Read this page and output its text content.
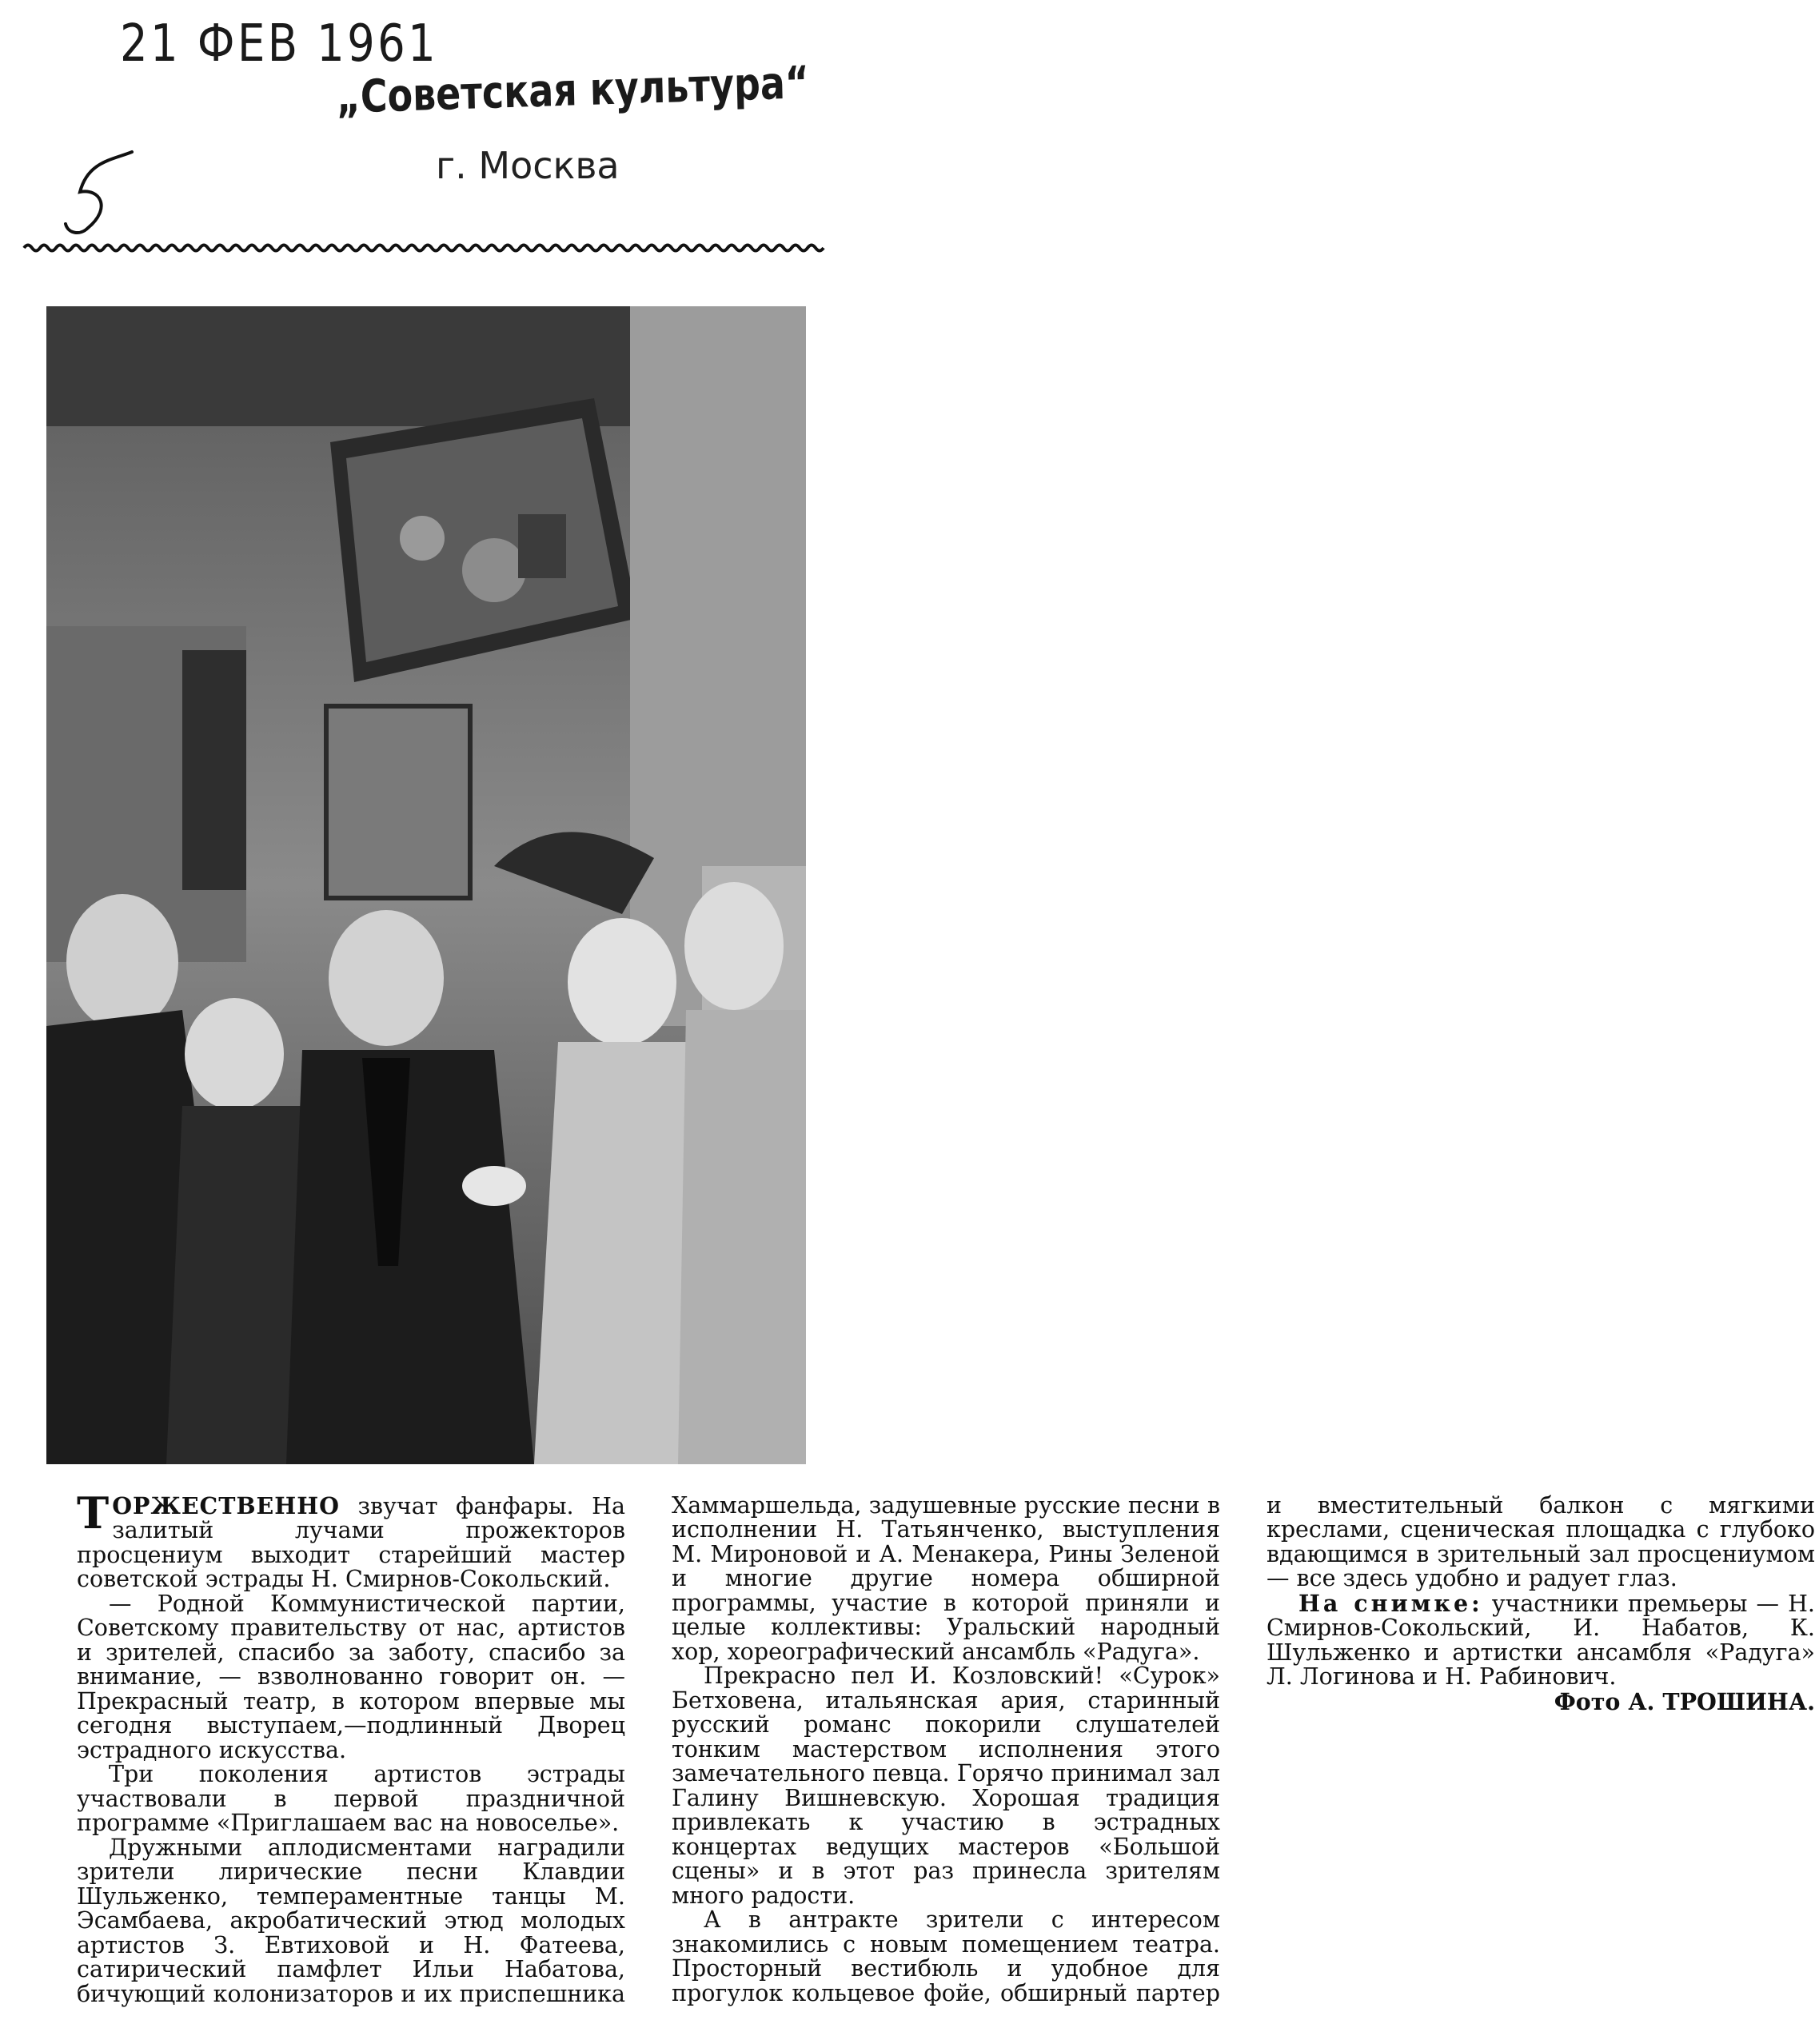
21 ФЕВ 1961
„Советская культура“
г. Москва

ТОРЖЕСТВЕННО звучат фанфары. На залитый лучами прожекторов просцениум выходит старейший мастер советской эстрады Н. Смирнов-Сокольский.

— Родной Коммунистической партии, Советскому правительству от нас, артистов и зрителей, спасибо за заботу, спасибо за внимание, — взволнованно говорит он. — Прекрасный театр, в котором впервые мы сегодня выступаем,—подлинный Дворец эстрадного искусства.

Три поколения артистов эстрады участвовали в первой праздничной программе «Приглашаем вас на новоселье».

Дружными аплодисментами наградили зрители лирические песни Клавдии Шульженко, темпераментные танцы М. Эсамбаева, акробатический этюд молодых артистов З. Евтиховой и Н. Фатеева, сатирический памфлет Ильи Набатова, бичующий колонизаторов и их приспешника Хаммаршельда, задушевные русские песни в исполнении Н. Татьянченко, выступления М. Мироновой и А. Менакера, Рины Зеленой и многие другие номера обширной программы, участие в которой приняли и целые коллективы: Уральский народный хор, хореографический ансамбль «Радуга».

Прекрасно пел И. Козловский! «Сурок» Бетховена, итальянская ария, старинный русский романс покорили слушателей тонким мастерством исполнения этого замечательного певца. Горячо принимал зал Галину Вишневскую. Хорошая традиция привлекать к участию в эстрадных концертах ведущих мастеров «Большой сцены» и в этот раз принесла зрителям много радости.

А в антракте зрители с интересом знакомились с новым помещением театра. Просторный вестибюль и удобное для прогулок кольцевое фойе, обширный партер и вместительный балкон с мягкими креслами, сценическая площадка с глубоко вдающимся в зрительный зал просцениумом — все здесь удобно и радует глаз.

На снимке: участники премьеры — Н. Смирнов-Сокольский, И. Набатов, К. Шульженко и артистки ансамбля «Радуга» Л. Логинова и Н. Рабинович.

Фото А. ТРОШИНА.
